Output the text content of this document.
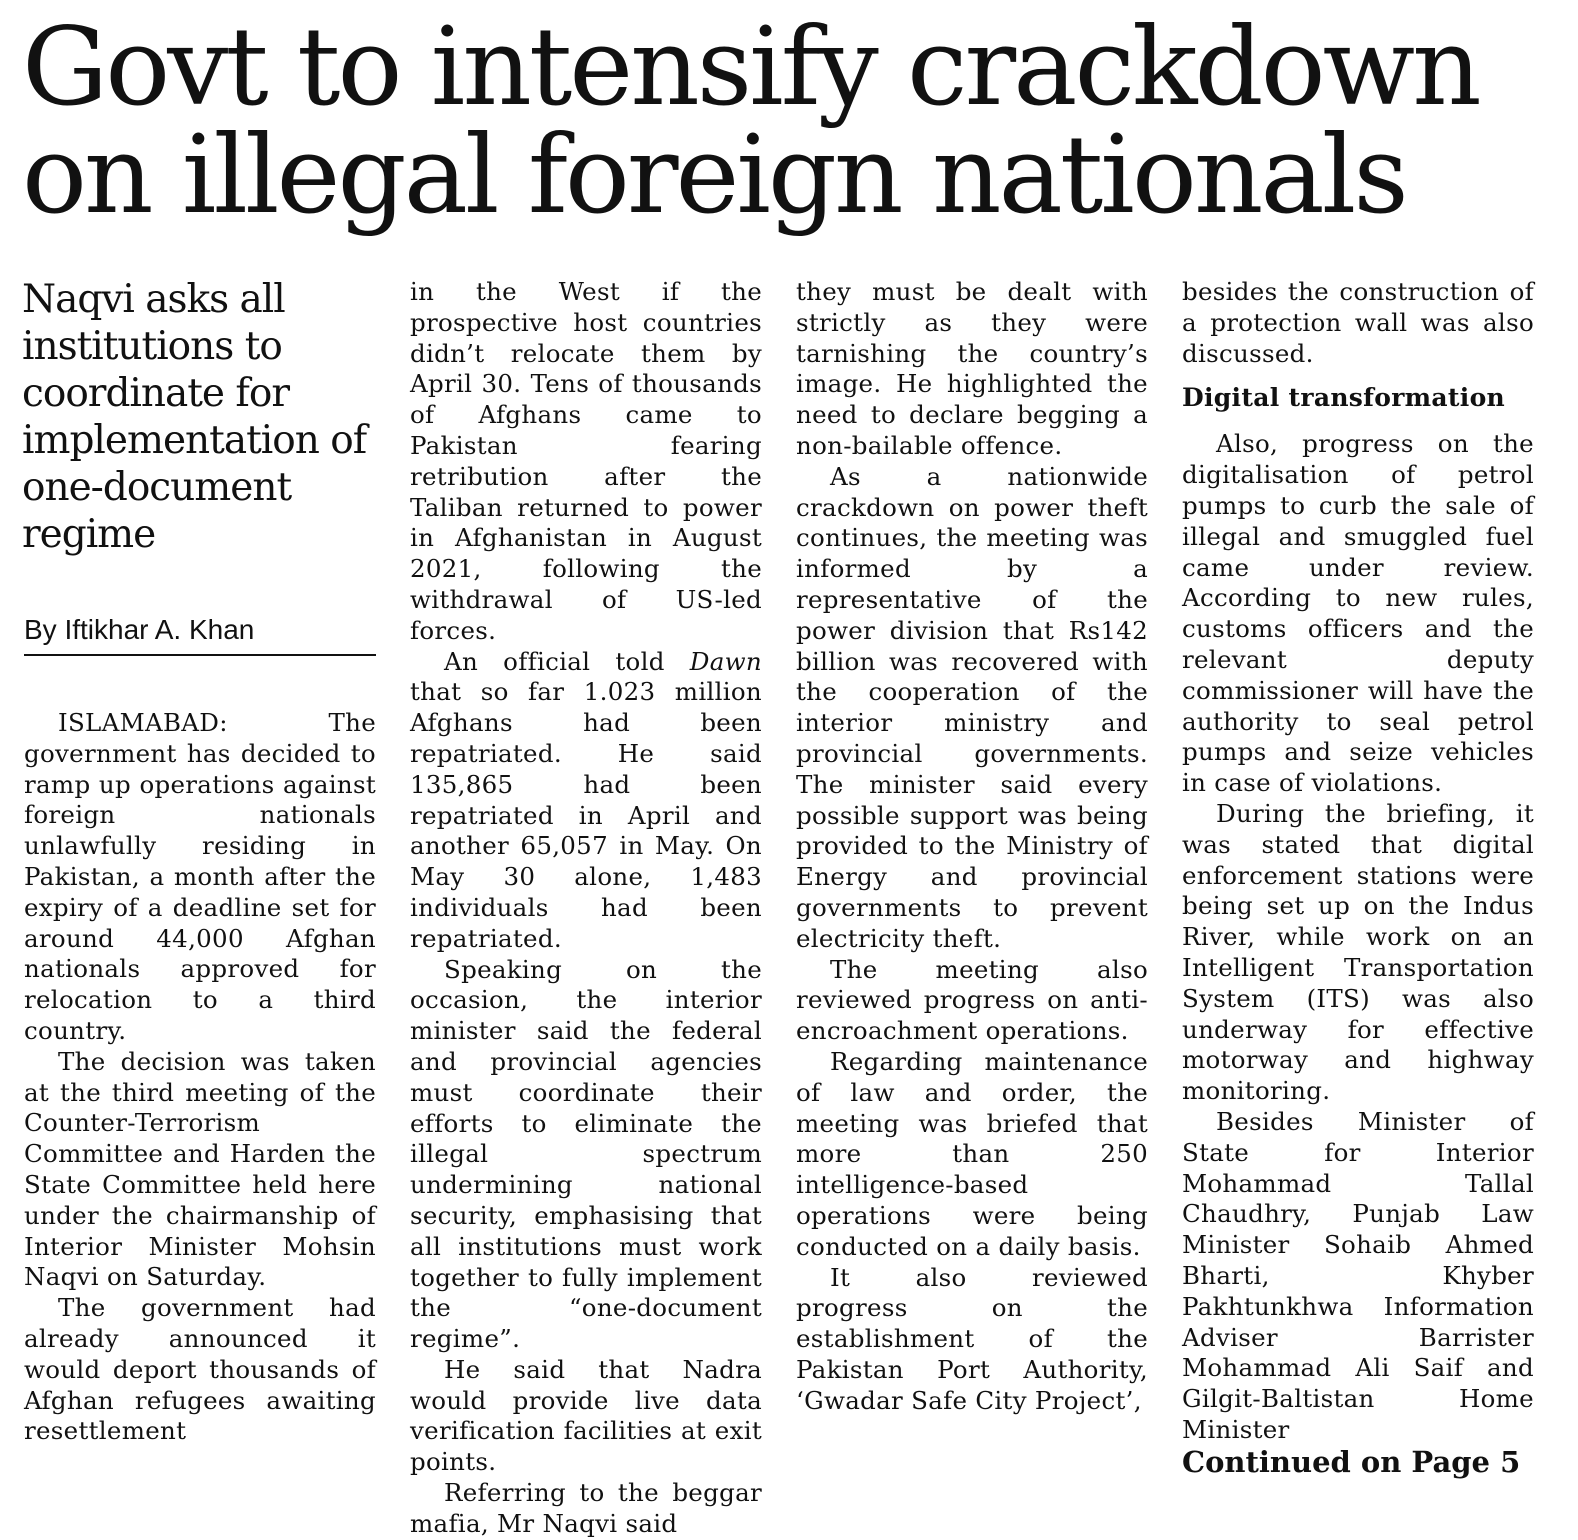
Govt to intensify crackdown
on illegal foreign nationals
Naqvi asks all institutions to coordinate for implementation of one-document regime
By Iftikhar A. Khan

ISLAMABAD: The government has decided to ramp up operations against foreign nationals unlawfully residing in Pakistan, a month after the expiry of a deadline set for around 44,000 Afghan nationals approved for relocation to a third country.

The decision was taken at the third meeting of the Counter-Terrorism Committee and Harden the State Committee held here under the chairmanship of Interior Minister Mohsin Naqvi on Saturday.

The government had already announced it would deport thousands of Afghan refugees awaiting resettlement

in the West if the prospective host countries didn’t relocate them by April 30. Tens of thousands of Afghans came to Pakistan fearing retribution after the Taliban returned to power in Afghanistan in August 2021, following the withdrawal of US-led forces.

An official told Dawn that so far 1.023 million Afghans had been repatriated. He said 135,865 had been repatriated in April and another 65,057 in May. On May 30 alone, 1,483 individuals had been repatriated.

Speaking on the occasion, the interior minister said the federal and provincial agencies must coordinate their efforts to eliminate the illegal spectrum undermining national security, emphasising that all institutions must work together to fully implement the “one-document regime”.

He said that Nadra would provide live data verification facilities at exit points.

Referring to the beggar mafia, Mr Naqvi said

they must be dealt with strictly as they were tarnishing the country’s image. He highlighted the need to declare begging a non-bailable offence.

As a nationwide crackdown on power theft continues, the meeting was informed by a representative of the power division that Rs142 billion was recovered with the cooperation of the interior ministry and provincial governments. The minister said every possible support was being provided to the Ministry of Energy and provincial governments to prevent electricity theft.

The meeting also reviewed progress on anti-encroachment operations.

Regarding maintenance of law and order, the meeting was briefed that more than 250 intelligence-based operations were being conducted on a daily basis.

It also reviewed progress on the establishment of the Pakistan Port Authority, ‘Gwadar Safe City Project’,

besides the construction of a protection wall was also discussed.

Digital transformation

Also, progress on the digitalisation of petrol pumps to curb the sale of illegal and smuggled fuel came under review. According to new rules, customs officers and the relevant deputy commissioner will have the authority to seal petrol pumps and seize vehicles in case of violations.

During the briefing, it was stated that digital enforcement stations were being set up on the Indus River, while work on an Intelligent Transportation System (ITS) was also underway for effective motorway and highway monitoring.

Besides Minister of State for Interior Mohammad Tallal Chaudhry, Punjab Law Minister Sohaib Ahmed Bharti, Khyber Pakhtunkhwa Information Adviser Barrister Mohammad Ali Saif and Gilgit-Baltistan Home Minister

Continued on Page 5
